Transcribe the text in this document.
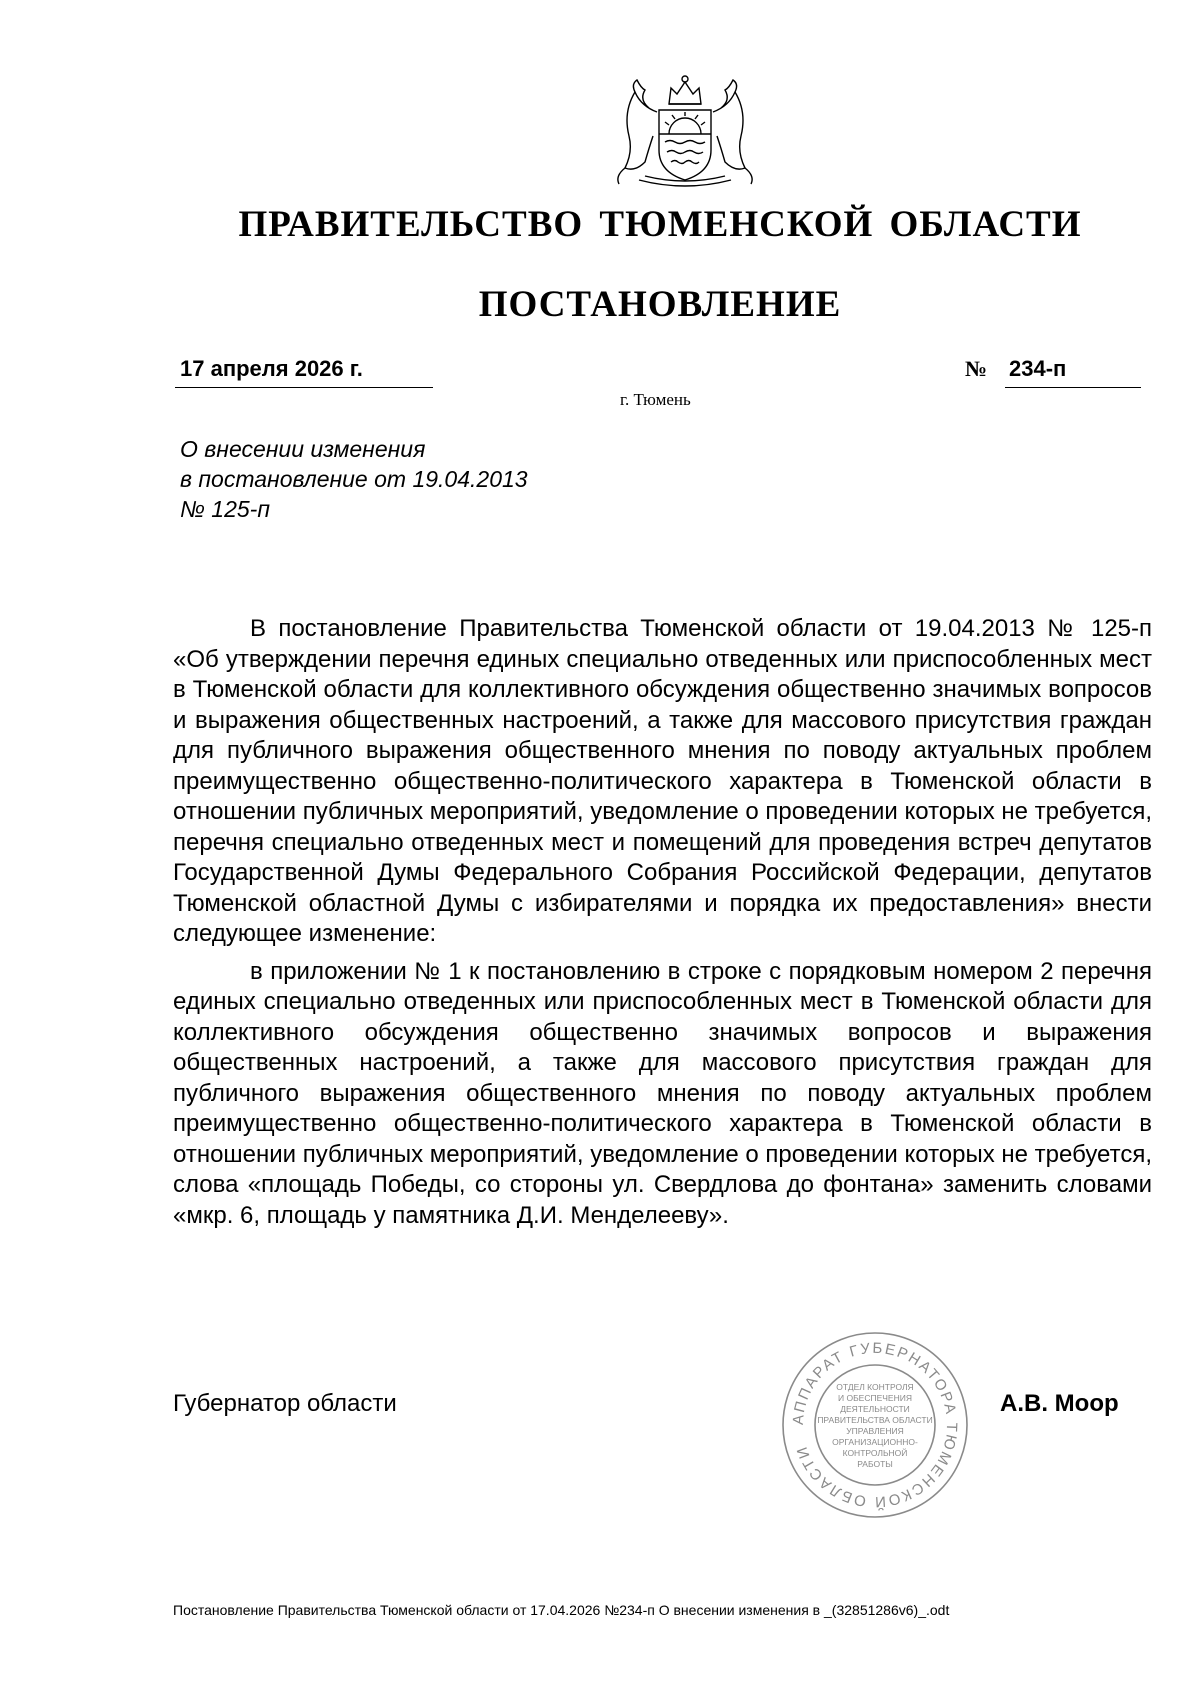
ПРАВИТЕЛЬСТВО ТЮМЕНСКОЙ ОБЛАСТИ
ПОСТАНОВЛЕНИЕ
17 апреля 2026 г.	№ 234-п
г. Тюмень
О внесении изменения
в постановление от 19.04.2013
№ 125-п

В постановление Правительства Тюменской области от 19.04.2013 № 125-п «Об утверждении перечня единых специально отведенных или приспособленных мест в Тюменской области для коллективного обсуждения общественно значимых вопросов и выражения общественных настроений, а также для массового присутствия граждан для публичного выражения общественного мнения по поводу актуальных проблем преимущественно общественно-политического характера в Тюменской области в отношении публичных мероприятий, уведомление о проведении которых не требуется, перечня специально отведенных мест и помещений для проведения встреч депутатов Государственной Думы Федерального Собрания Российской Федерации, депутатов Тюменской областной Думы с избирателями и порядка их предоставления» внести следующее изменение:

в приложении № 1 к постановлению в строке с порядковым номером 2 перечня единых специально отведенных или приспособленных мест в Тюменской области для коллективного обсуждения общественно значимых вопросов и выражения общественных настроений, а также для массового присутствия граждан для публичного выражения общественного мнения по поводу актуальных проблем преимущественно общественно-политического характера в Тюменской области в отношении публичных мероприятий, уведомление о проведении которых не требуется, слова «площадь Победы, со стороны ул. Свердлова до фонтана» заменить словами «мкр. 6, площадь у памятника Д.И. Менделееву».

АППАРАТ ГУБЕРНАТОРА ТЮМЕНСКОЙ ОБЛАСТИ
ОТДЕЛ КОНТРОЛЯ
И ОБЕСПЕЧЕНИЯ
ДЕЯТЕЛЬНОСТИ
ПРАВИТЕЛЬСТВА ОБЛАСТИ
УПРАВЛЕНИЯ
ОРГАНИЗАЦИОННО-
КОНТРОЛЬНОЙ
РАБОТЫ
Губернатор области	А.В. Моор
Постановление Правительства Тюменской области от 17.04.2026 №234-п О внесении изменения в _(32851286v6)_.odt
